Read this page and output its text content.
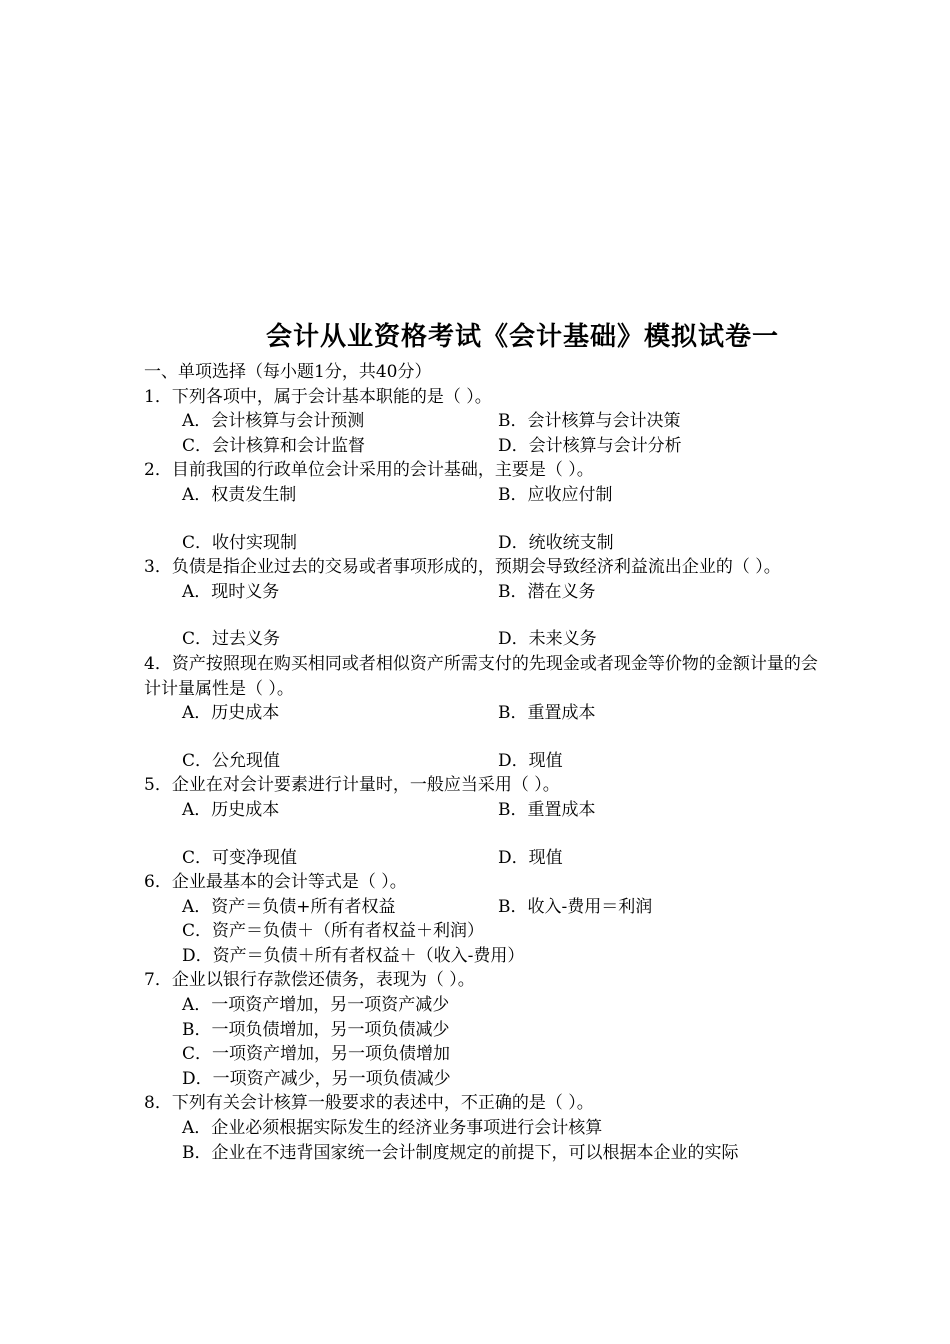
会计从业资格考试《会计基础》模拟试卷一
一、单项选择（每小题1分，共40分）
1．下列各项中，属于会计基本职能的是（ ）。
A．会计核算与会计预测	B．会计核算与会计决策
C．会计核算和会计监督	D．会计核算与会计分析
2．目前我国的行政单位会计采用的会计基础，主要是（ ）。
A．权责发生制	B．应收应付制
C．收付实现制	D．统收统支制
3．负债是指企业过去的交易或者事项形成的，预期会导致经济利益流出企业的（ ）。
A．现时义务	B．潜在义务
C．过去义务	D．未来义务
4．资产按照现在购买相同或者相似资产所需支付的先现金或者现金等价物的金额计量的会计计量属性是（ ）。
A．历史成本	B．重置成本
C．公允现值	D．现值
5．企业在对会计要素进行计量时，一般应当采用（ ）。
A．历史成本	B．重置成本
C．可变净现值	D．现值
6．企业最基本的会计等式是（ ）。
A．资产＝负债+所有者权益	B．收入-费用＝利润
C．资产＝负债＋（所有者权益＋利润）
D．资产＝负债＋所有者权益＋（收入-费用）
7．企业以银行存款偿还债务，表现为（ ）。
A．一项资产增加，另一项资产减少
B．一项负债增加，另一项负债减少
C．一项资产增加，另一项负债增加
D．一项资产减少，另一项负债减少
8．下列有关会计核算一般要求的表述中，不正确的是（ ）。
A．企业必须根据实际发生的经济业务事项进行会计核算
B．企业在不违背国家统一会计制度规定的前提下，可以根据本企业的实际
